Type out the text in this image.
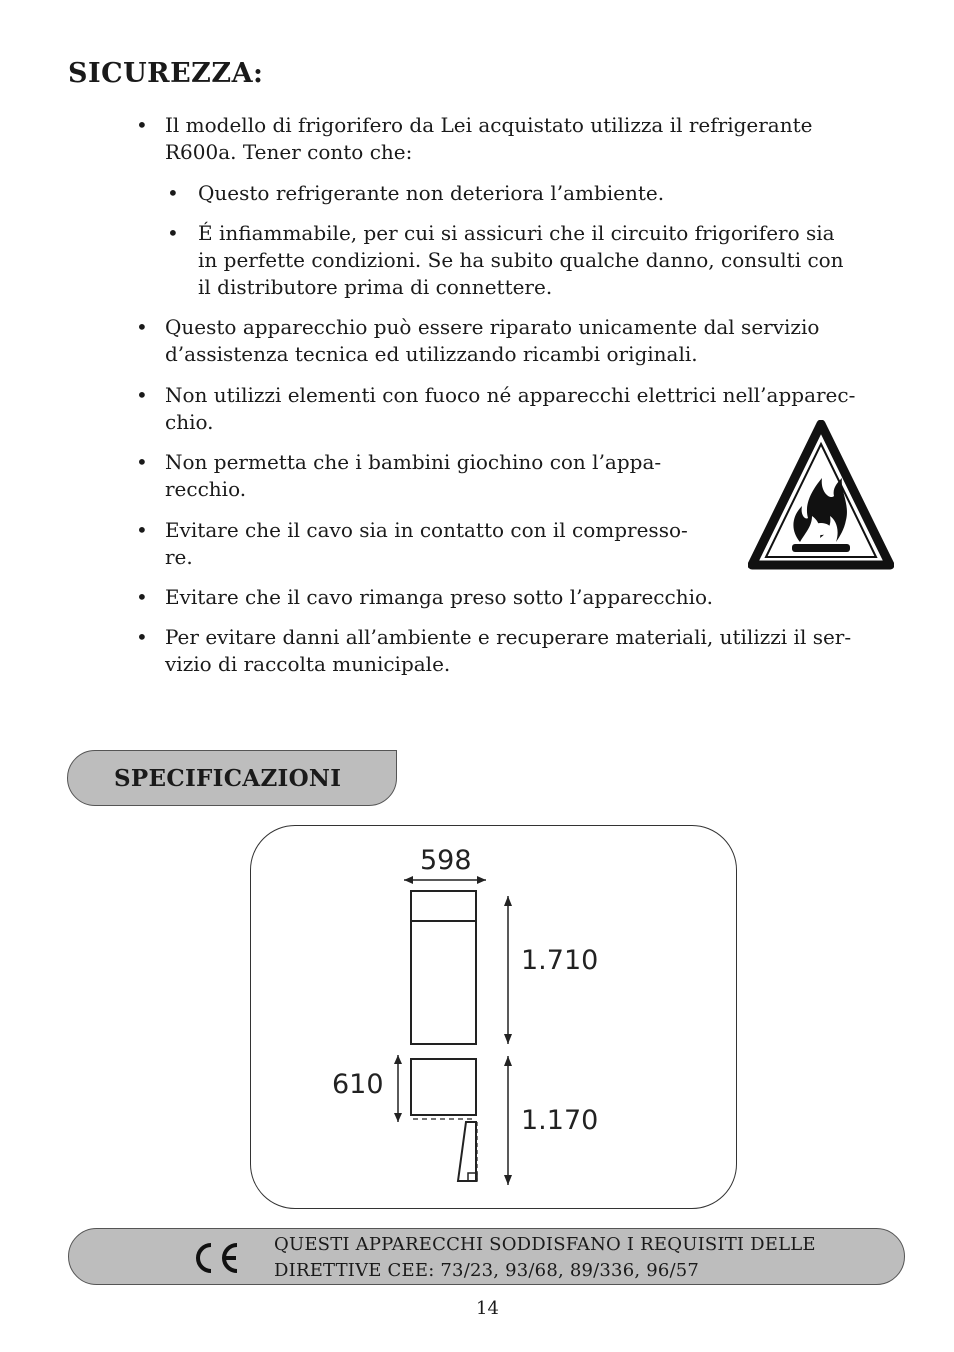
SICUREZZA:
• Il modello di frigorifero da Lei acquistato utilizza il refrigerante
R600a. Tener conto che:
• Questo refrigerante non deteriora l’ambiente.
• É infiammabile, per cui si assicuri che il circuito frigorifero sia
in perfette condizioni. Se ha subito qualche danno, consulti con
il distributore prima di connettere.
• Questo apparecchio può essere riparato unicamente dal servizio
d’assistenza tecnica ed utilizzando ricambi originali.
• Non utilizzi elementi con fuoco né apparecchi elettrici nell’apparec-
chio.
• Non permetta che i bambini giochino con l’appa-
recchio.
• Evitare che il cavo sia in contatto con il compresso-
re.
• Evitare che il cavo rimanga preso sotto l’apparecchio.
• Per evitare danni all’ambiente e recuperare materiali, utilizzi il ser-
vizio di raccolta municipale.
SPECIFICAZIONI
598
1.710
610
1.170
QUESTI APPARECCHI SODDISFANO I REQUISITI DELLE
DIRETTIVE CEE: 73/23, 93/68, 89/336, 96/57
14
